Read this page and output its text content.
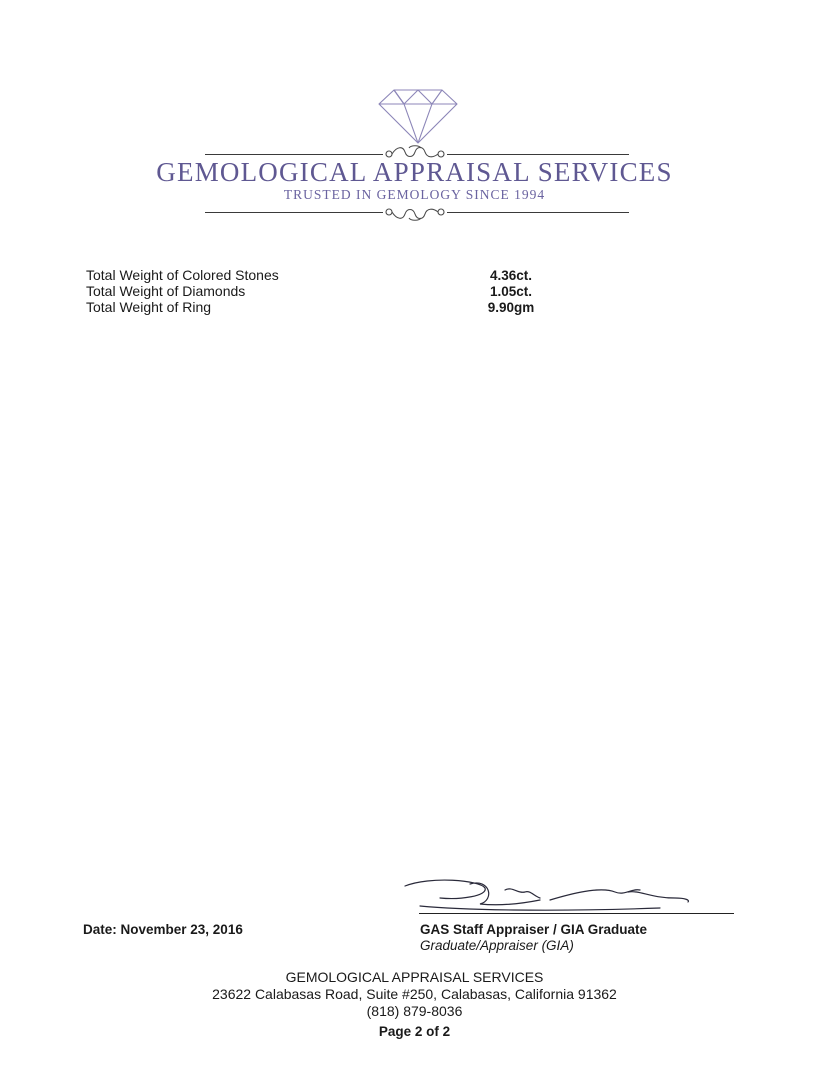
GEMOLOGICAL APPRAISAL SERVICES
TRUSTED IN GEMOLOGY SINCE 1994
Total Weight of Colored Stones	4.36ct.
Total Weight of Diamonds	1.05ct.
Total Weight of Ring	9.90gm
Date: November 23, 2016	GAS Staff Appraiser / GIA Graduate
Graduate/Appraiser (GIA)
GEMOLOGICAL APPRAISAL SERVICES
23622 Calabasas Road, Suite #250, Calabasas, California 91362
(818) 879-8036
Page 2 of 2
